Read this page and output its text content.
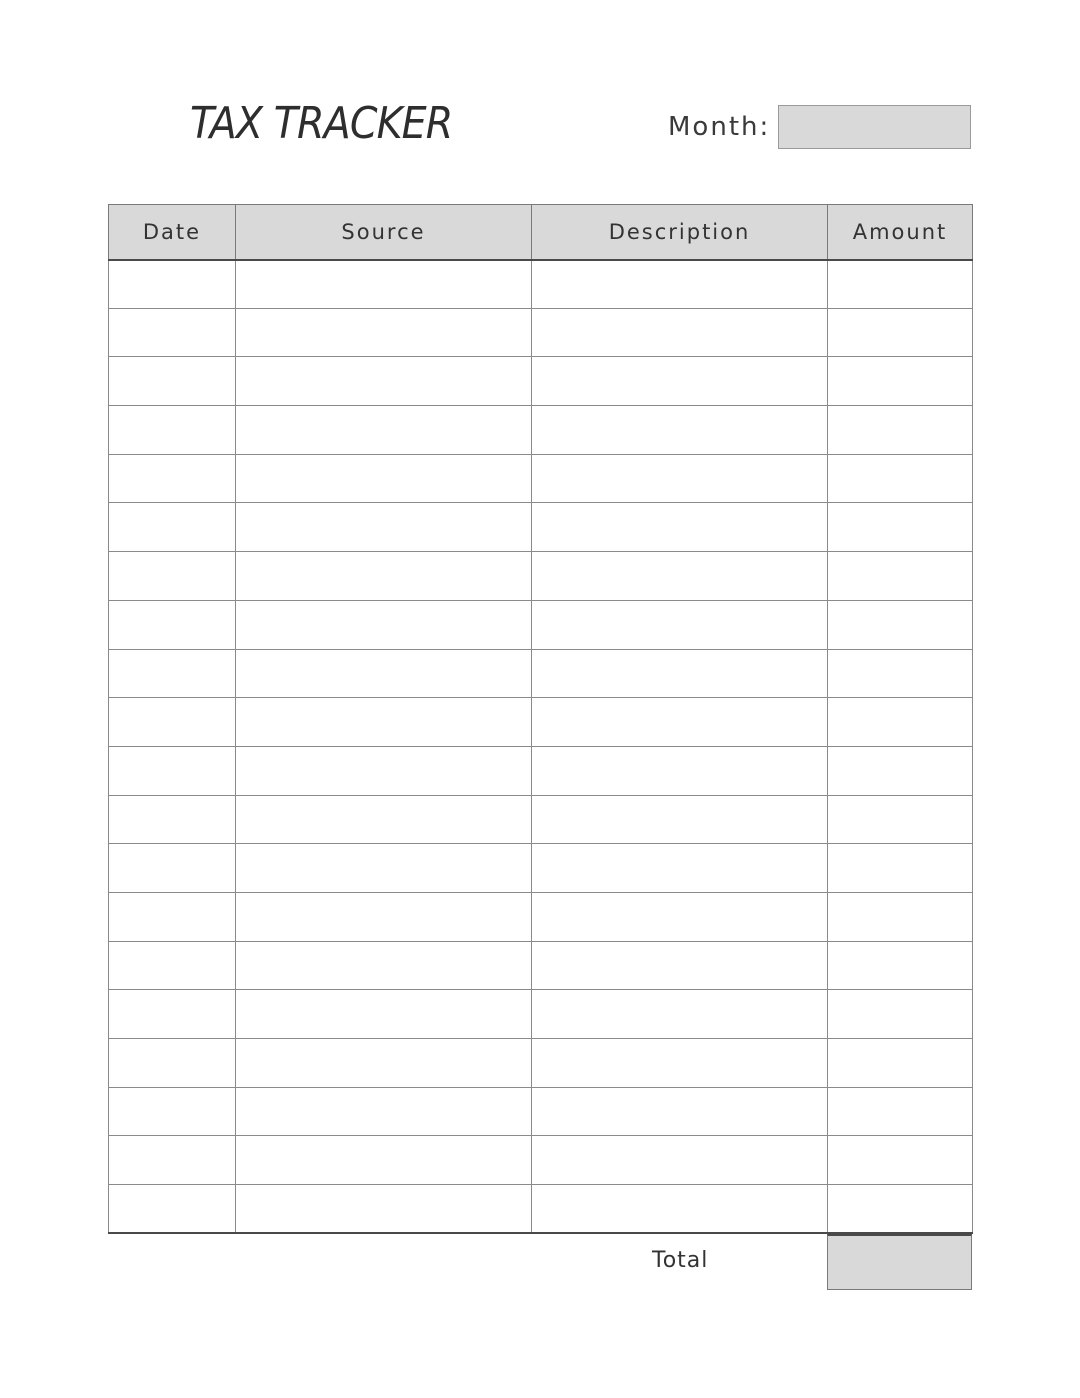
TAX TRACKER	Month:
Date	Source	Description	Amount

Total
